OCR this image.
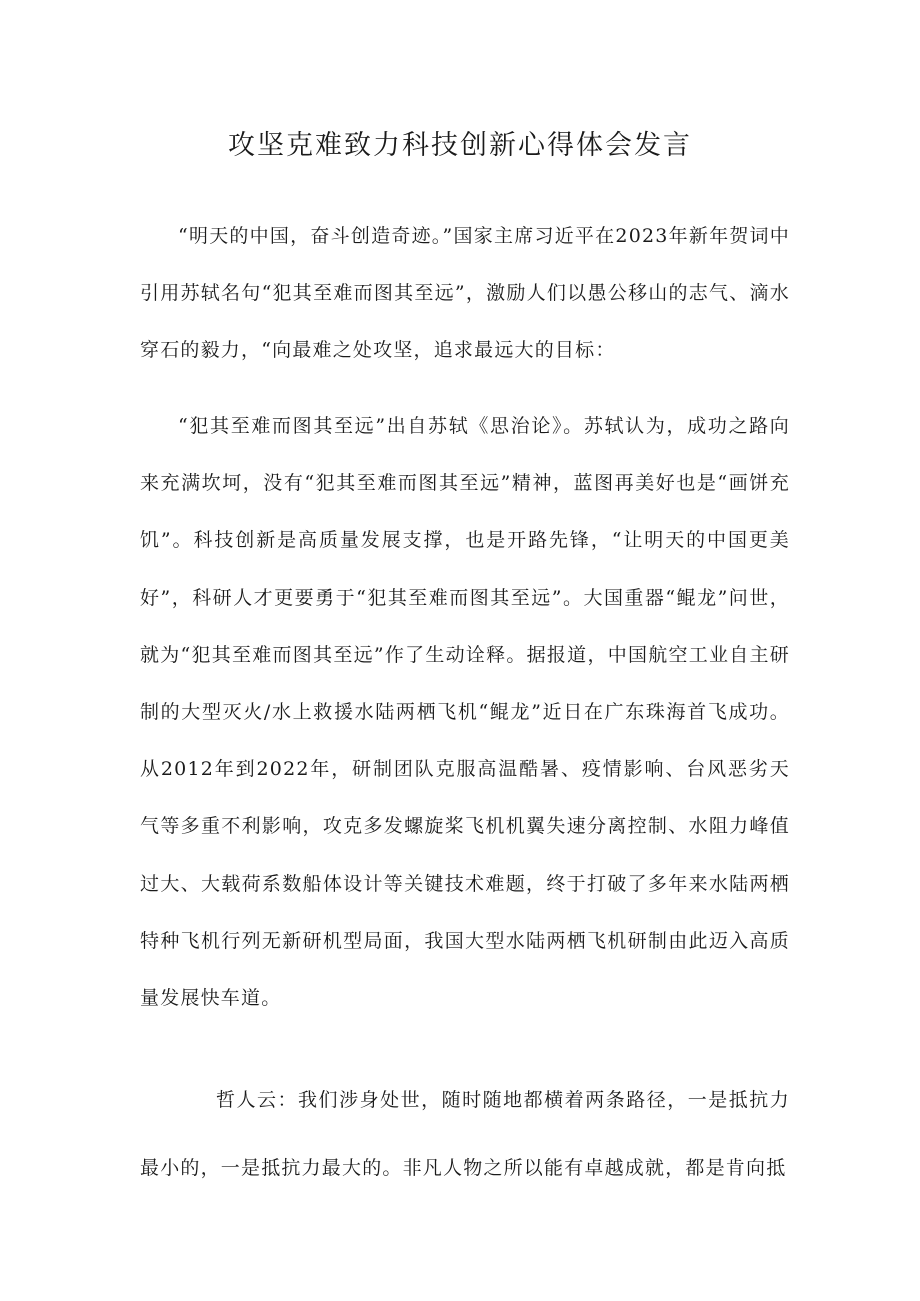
攻坚克难致力科技创新心得体会发言

“明天的中国，奋斗创造奇迹。”国家主席习近平在2023年新年贺词中引用苏轼名句“犯其至难而图其至远”，激励人们以愚公移山的志气、滴水穿石的毅力，“向最难之处攻坚，追求最远大的目标：

“犯其至难而图其至远”出自苏轼《思治论》。苏轼认为，成功之路向来充满坎坷，没有“犯其至难而图其至远”精神，蓝图再美好也是“画饼充饥”。科技创新是高质量发展支撑，也是开路先锋，“让明天的中国更美好”，科研人才更要勇于“犯其至难而图其至远”。大国重器“鲲龙”问世，就为“犯其至难而图其至远”作了生动诠释。据报道，中国航空工业自主研制的大型灭火/水上救援水陆两栖飞机“鲲龙”近日在广东珠海首飞成功。从2012年到2022年，研制团队克服高温酷暑、疫情影响、台风恶劣天气等多重不利影响，攻克多发螺旋桨飞机机翼失速分离控制、水阻力峰值过大、大载荷系数船体设计等关键技术难题，终于打破了多年来水陆两栖特种飞机行列无新研机型局面，我国大型水陆两栖飞机研制由此迈入高质量发展快车道。

哲人云：我们涉身处世，随时随地都横着两条路径，一是抵抗力最小的，一是抵抗力最大的。非凡人物之所以能有卓越成就，都是肯向抵
